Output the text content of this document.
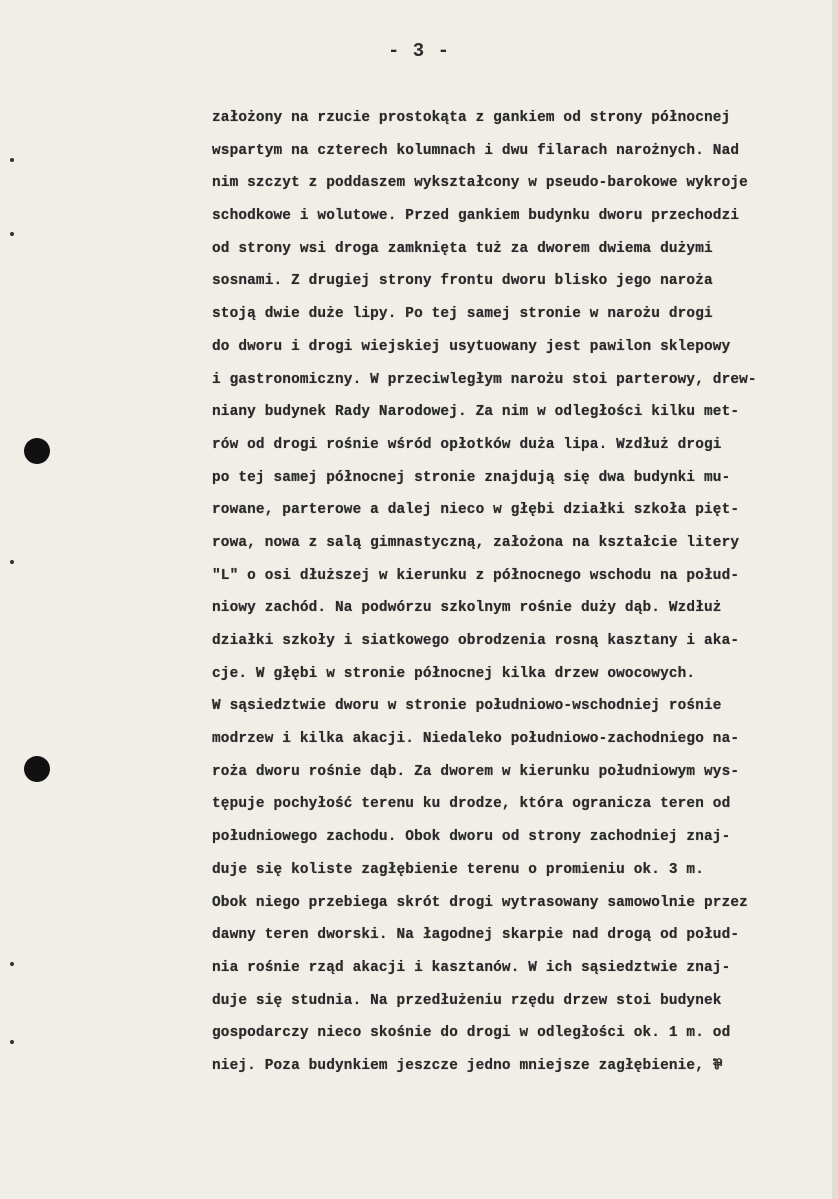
- 3 -
założony na rzucie prostokąta z gankiem od strony północnej
wspartym na czterech kolumnach i dwu filarach narożnych. Nad
nim szczyt z poddaszem wykształcony w pseudo-barokowe wykroje
schodkowe i wolutowe. Przed gankiem budynku dworu przechodzi
od strony wsi droga zamknięta tuż za dworem dwiema dużymi
sosnami. Z drugiej strony frontu dworu blisko jego naroża
stoją dwie duże lipy. Po tej samej stronie w narożu drogi
do dworu i drogi wiejskiej usytuowany jest pawilon sklepowy
i gastronomiczny. W przeciwległym narożu stoi parterowy, drew-
niany budynek Rady Narodowej. Za nim w odległości kilku met-
rów od drogi rośnie wśród opłotków duża lipa. Wzdłuż drogi
po tej samej północnej stronie znajdują się dwa budynki mu-
rowane, parterowe a dalej nieco w głębi działki szkoła pięt-
rowa, nowa z salą gimnastyczną, założona na kształcie litery
"L" o osi dłuższej w kierunku z północnego wschodu na połud-
niowy zachód. Na podwórzu szkolnym rośnie duży dąb. Wzdłuż
działki szkoły i siatkowego obrodzenia rosną kasztany i aka-
cje. W głębi w stronie północnej kilka drzew owocowych.
W sąsiedztwie dworu w stronie południowo-wschodniej rośnie
modrzew i kilka akacji. Niedaleko południowo-zachodniego na-
roża dworu rośnie dąb. Za dworem w kierunku południowym wys-
tępuje pochyłość terenu ku drodze, która ogranicza teren od
południowego zachodu. Obok dworu od strony zachodniej znaj-
duje się koliste zagłębienie terenu o promieniu ok. 3 m.
Obok niego przebiega skrót drogi wytrasowany samowolnie przez
dawny teren dworski. Na łagodnej skarpie nad drogą od połud-
nia rośnie rząd akacji i kasztanów. W ich sąsiedztwie znaj-
duje się studnia. Na przedłużeniu rzędu drzew stoi budynek
gospodarczy nieco skośnie do drogi w odległości ok. 1 m. od
niej. Poza budynkiem jeszcze jedno mniejsze zagłębienie, ⅌
